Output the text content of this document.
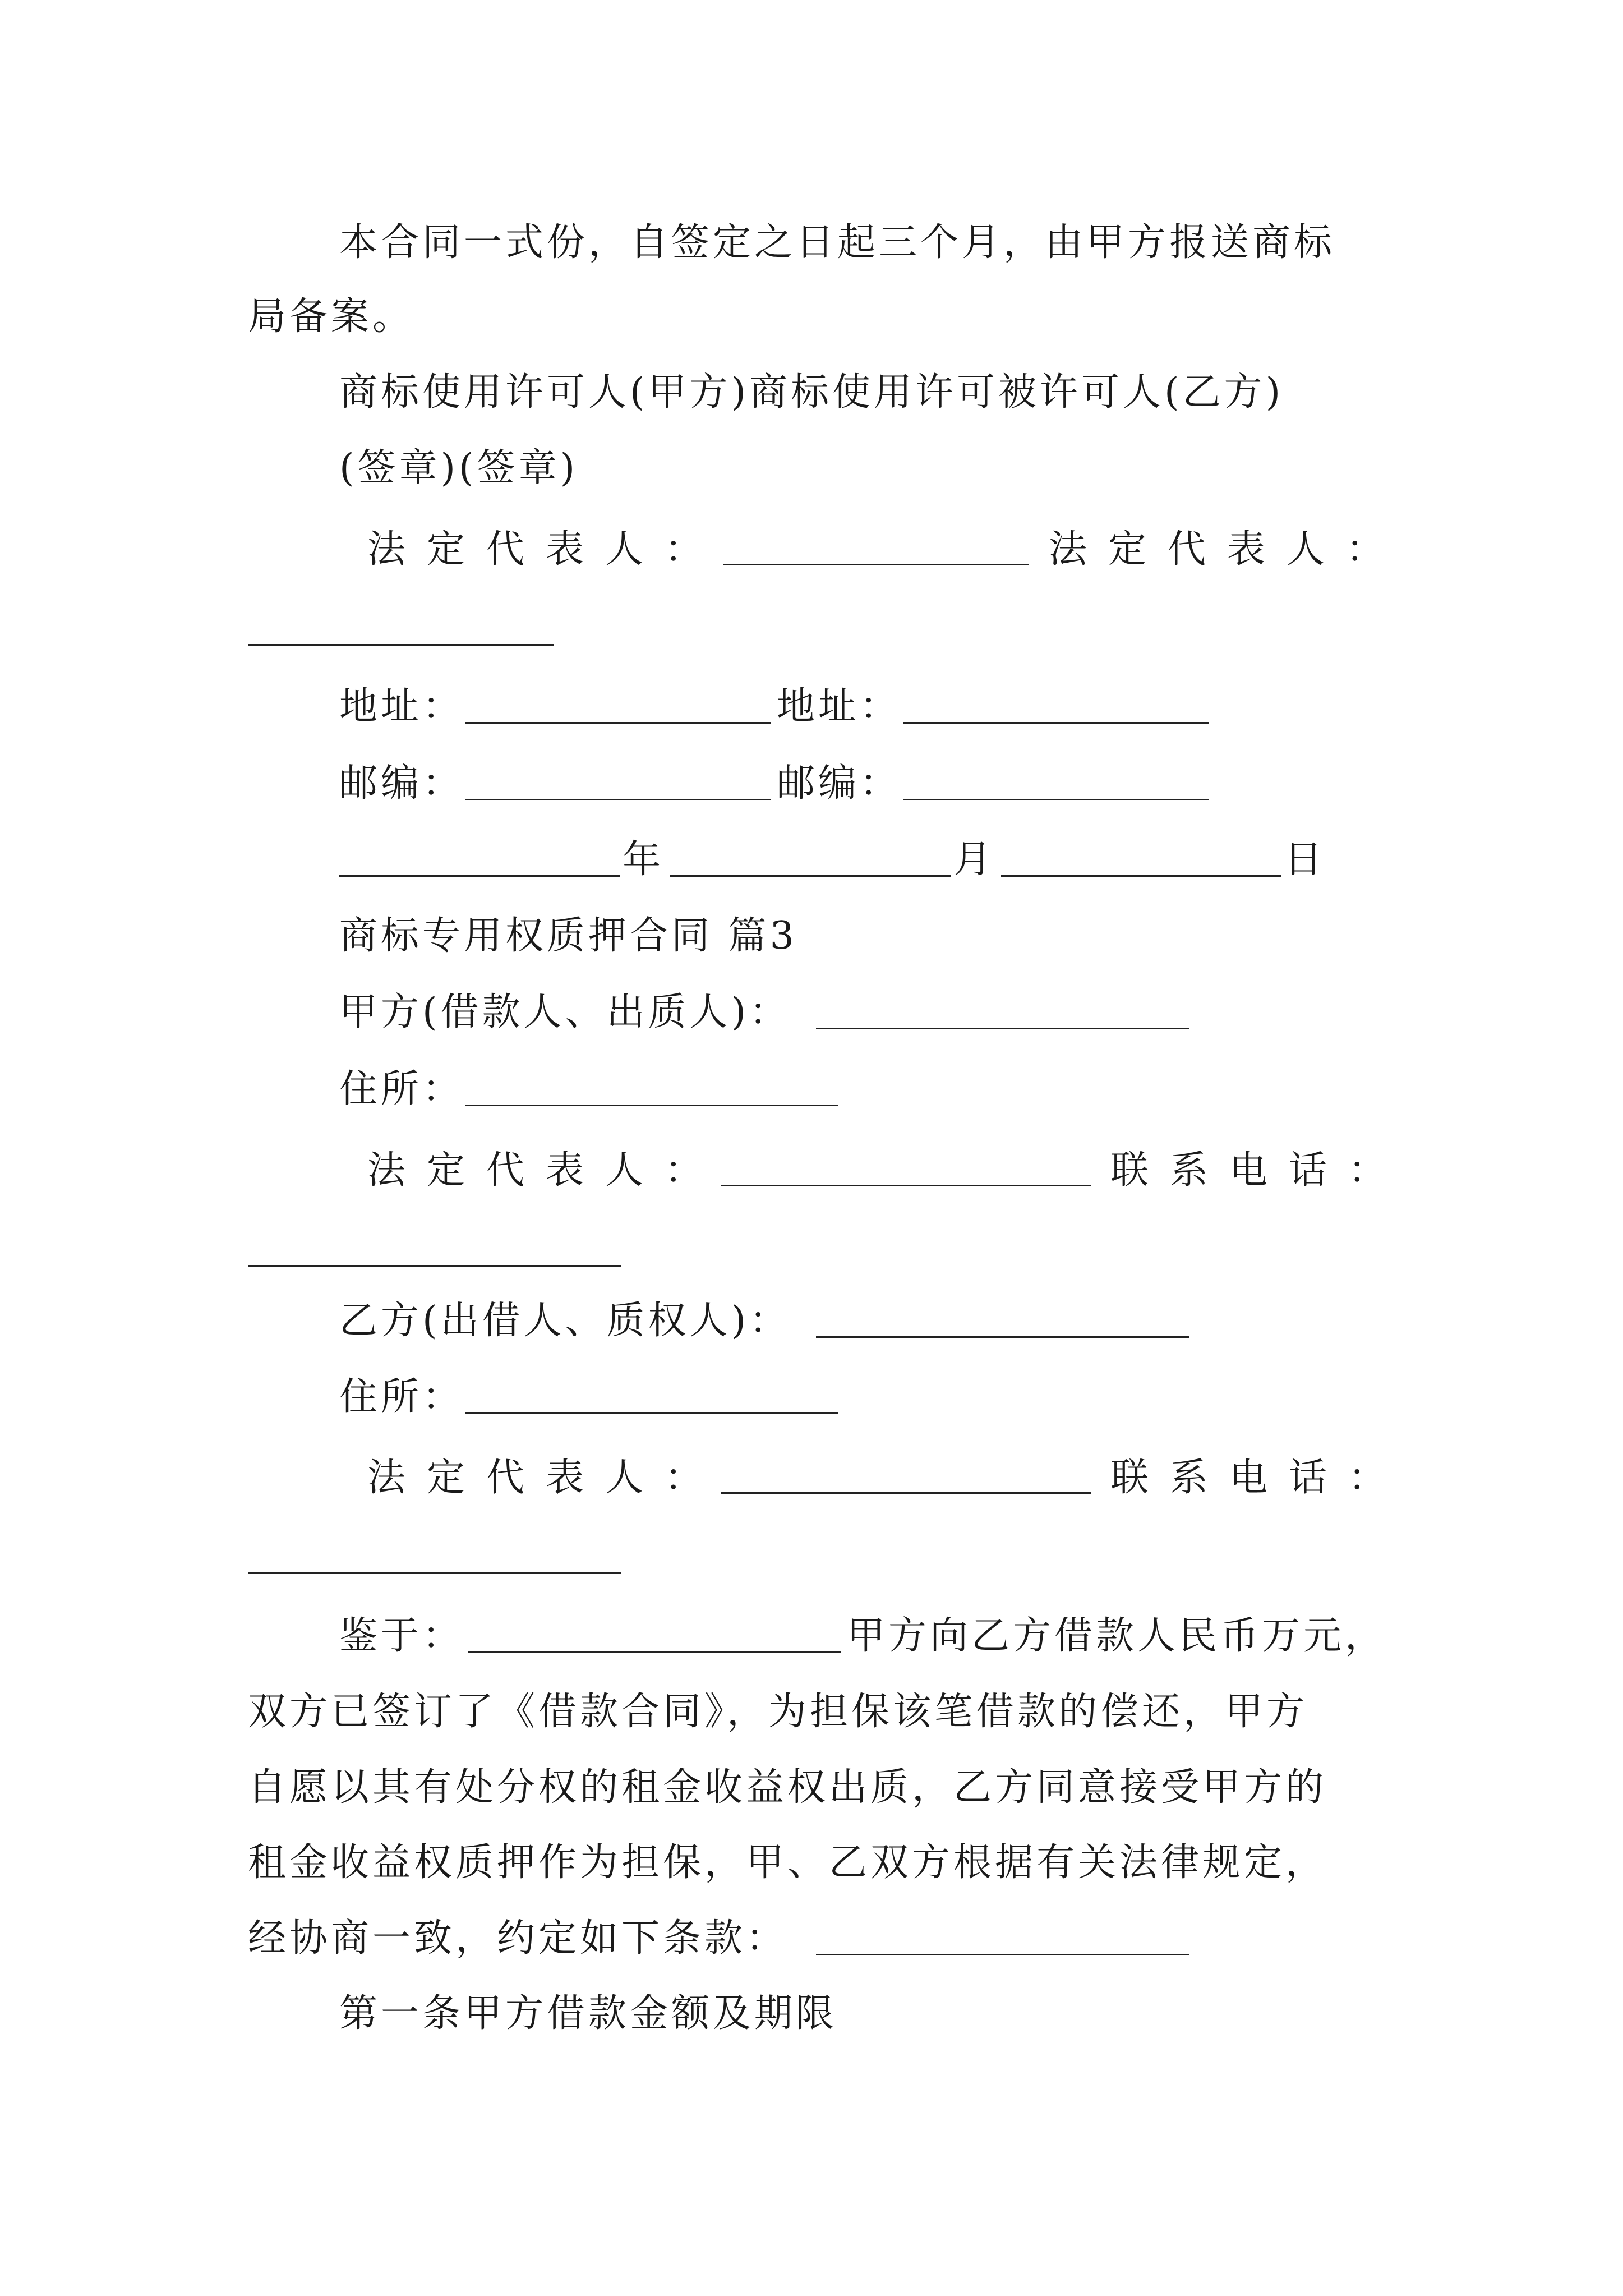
本合同一式份，自签定之日起三个月，由甲方报送商标
局备案。
商标使用许可人(甲方)商标使用许可被许可人(乙方)
(签章)(签章)
法定代表人：	法定代表人：
地址：	地址：
邮编：	邮编：
年	月	日
商标专用权质押合同 篇3
甲方(借款人、出质人)：
住所：
法定代表人：	联系电话：
乙方(出借人、质权人)：
住所：
法定代表人：	联系电话：
鉴于：	甲方向乙方借款人民币万元，
双方已签订了《借款合同》，为担保该笔借款的偿还，甲方
自愿以其有处分权的租金收益权出质，乙方同意接受甲方的
租金收益权质押作为担保，甲、乙双方根据有关法律规定，
经协商一致，约定如下条款：
第一条甲方借款金额及期限
